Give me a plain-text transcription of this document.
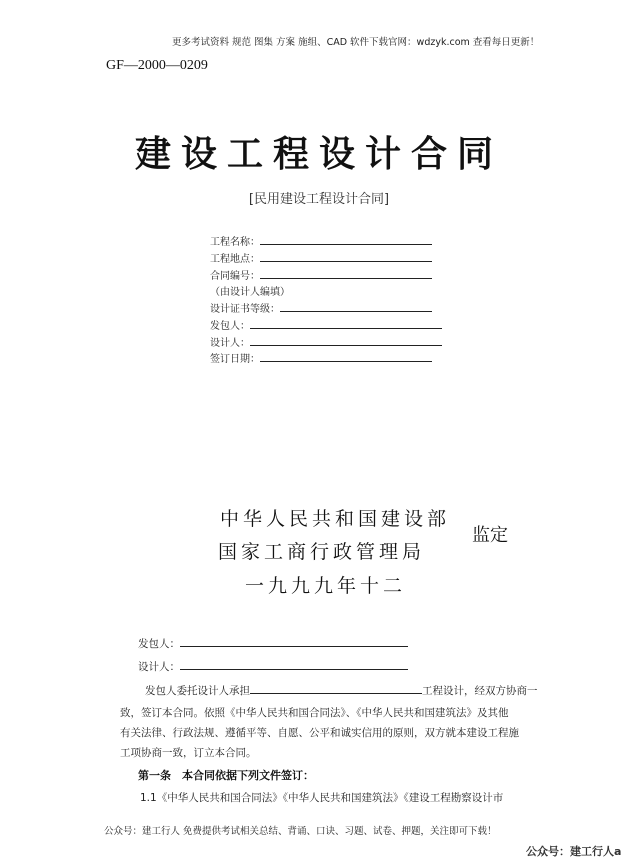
更多考试资料 规范 图集 方案 施组、CAD 软件下载官网：wdzyk.com 查看每日更新！
GF—2000—0209
建设工程设计合同
[民用建设工程设计合同]
工程名称：
工程地点：
合同编号：
（由设计人编填）
设计证书等级：
发包人：
设计人：
签订日期：
中华人民共和国建设部
国家工商行政管理局
一九九九年十二
监定
发包人：
设计人：
发包人委托设计人承担	工程设计，经双方协商一
致，签订本合同。依照《中华人民共和国合同法》、《中华人民共和国建筑法》及其他
有关法律、行政法规、遵循平等、自愿、公平和诚实信用的原则，双方就本建设工程施
工项协商一致，订立本合同。
第一条　本合同依据下列文件签订：
1.1《中华人民共和国合同法》《中华人民共和国建筑法》《建设工程勘察设计市
公众号：建工行人 免费提供考试相关总结、背诵、口诀、习题、试卷、押题，关注即可下载！
公众号：建工行人a
